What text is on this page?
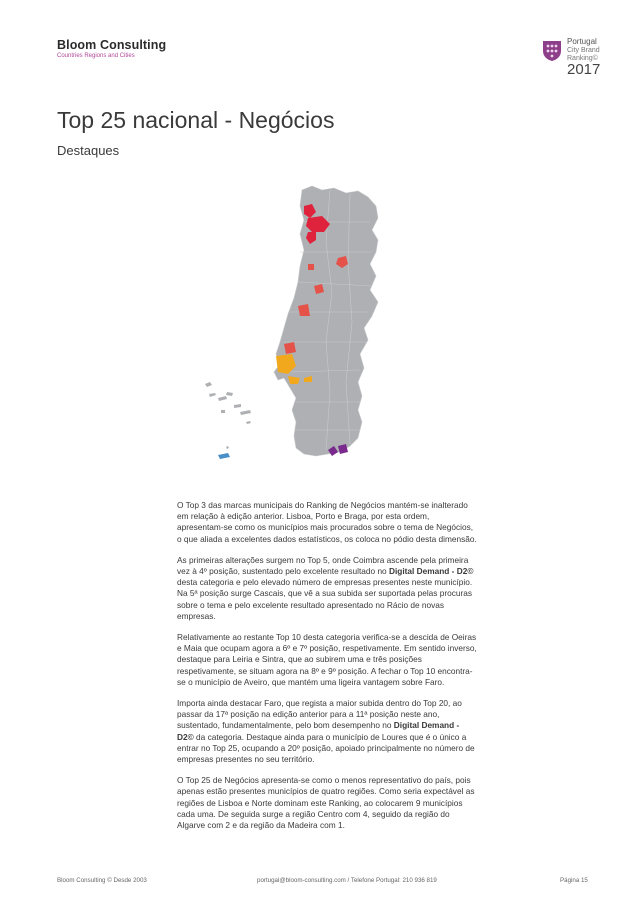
Bloom Consulting
Countries Regions and Cities
Portugal
City Brand
Ranking©
2017
Top 25 nacional - Negócios
Destaques

O Top 3 das marcas municipais do Ranking de Negócios mantém-se inalterado em relação à edição anterior. Lisboa, Porto e Braga, por esta ordem, apresentam-se como os municípios mais procurados sobre o tema de Negócios, o que aliada a excelentes dados estatísticos, os coloca no pódio desta dimensão.

As primeiras alterações surgem no Top 5, onde Coimbra ascende pela primeira vez à 4º posição, sustentado pelo excelente resultado no Digital Demand - D2© desta categoria e pelo elevado número de empresas presentes neste município. Na 5ª posição surge Cascais, que vê a sua subida ser suportada pelas procuras sobre o tema e pelo excelente resultado apresentado no Rácio de novas empresas.

Relativamente ao restante Top 10 desta categoria verifica-se a descida de Oeiras e Maia que ocupam agora a 6º e 7º posição, respetivamente. Em sentido inverso, destaque para Leiria e Sintra, que ao subirem uma e três posições respetivamente, se situam agora na 8º e 9º posição. A fechar o Top 10 encontra-se o município de Aveiro, que mantém uma ligeira vantagem sobre Faro.

Importa ainda destacar Faro, que regista a maior subida dentro do Top 20, ao passar da 17ª posição na edição anterior para a 11ª posição neste ano, sustentado, fundamentalmente, pelo bom desempenho no Digital Demand - D2© da categoria. Destaque ainda para o município de Loures que é o único a entrar no Top 25, ocupando a 20º posição, apoiado principalmente no número de empresas presentes no seu território.

O Top 25 de Negócios apresenta-se como o menos representativo do país, pois apenas estão presentes municípios de quatro regiões. Como seria expectável as regiões de Lisboa e Norte dominam este Ranking, ao colocarem 9 municípios cada uma. De seguida surge a região Centro com 4, seguido da região do Algarve com 2 e da região da Madeira com 1.

Bloom Consulting © Desde 2003	portugal@bloom-consulting.com / Telefone Portugal: 210 936 819	Página 15
